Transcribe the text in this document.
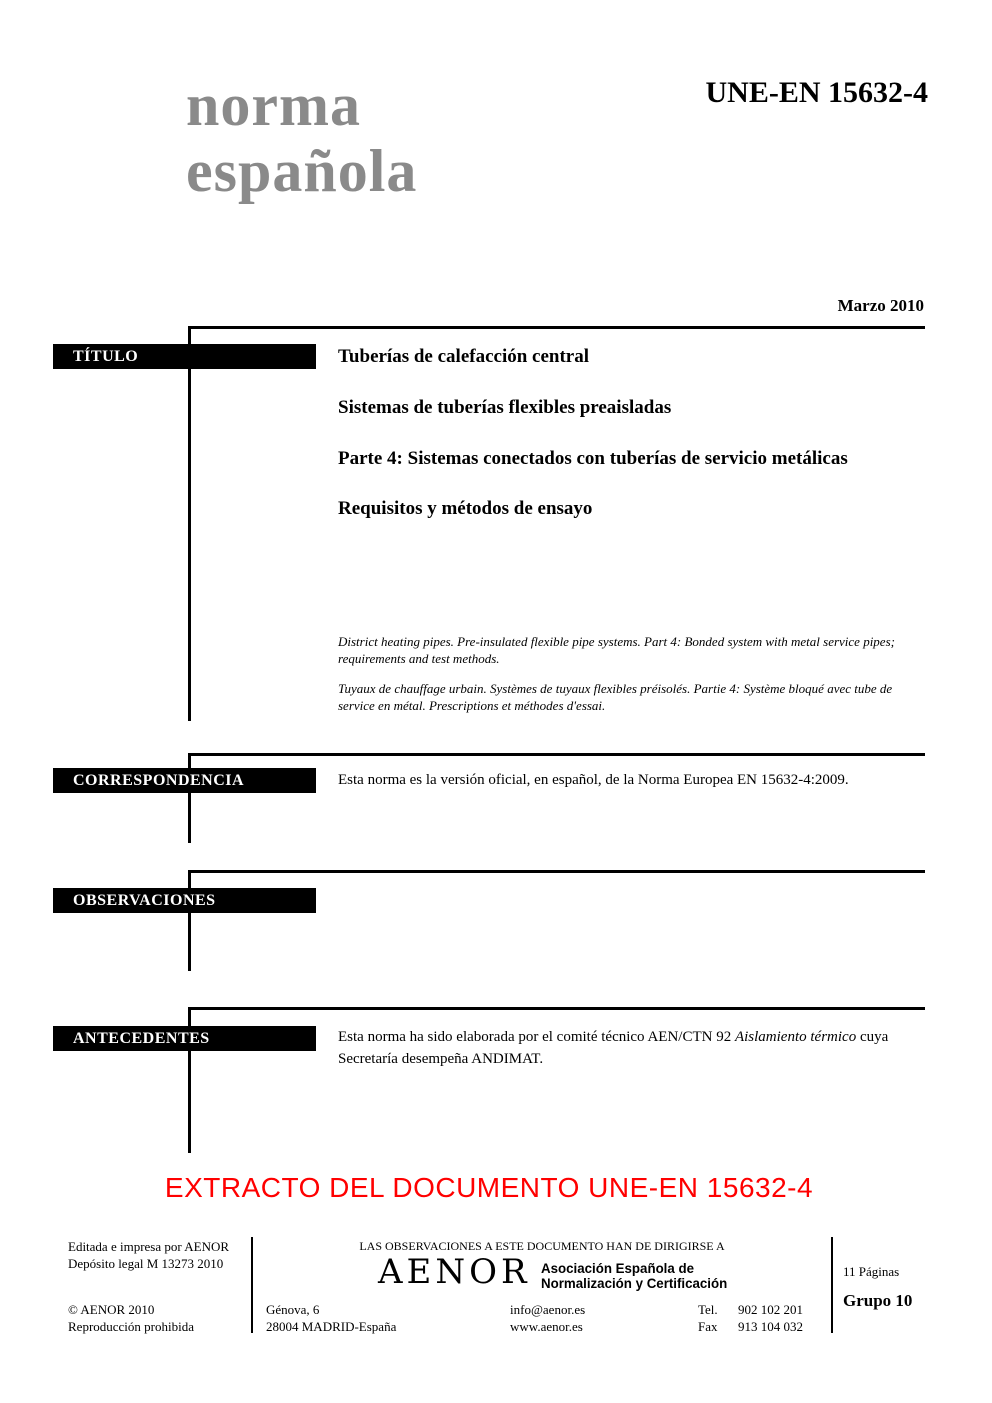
norma
española
UNE-EN 15632-4
Marzo 2010
TÍTULO
CORRESPONDENCIA
OBSERVACIONES
ANTECEDENTES
Tuberías de calefacción central
Sistemas de tuberías flexibles preaisladas
Parte 4: Sistemas conectados con tuberías de servicio metálicas
Requisitos y métodos de ensayo
District heating pipes. Pre-insulated flexible pipe systems. Part 4: Bonded system with metal service pipes; requirements and test methods.
Tuyaux de chauffage urbain. Systèmes de tuyaux flexibles préisolés. Partie 4: Système bloqué avec tube de service en métal. Prescriptions et méthodes d'essai.
Esta norma es la versión oficial, en español, de la Norma Europea EN 15632-4:2009.
Esta norma ha sido elaborada por el comité técnico AEN/CTN 92 Aislamiento térmico cuya Secretaría desempeña ANDIMAT.
EXTRACTO DEL DOCUMENTO UNE-EN 15632-4
Editada e impresa por AENOR
Depósito legal M 13273 2010
© AENOR 2010
Reproducción prohibida
LAS OBSERVACIONES A ESTE DOCUMENTO HAN DE DIRIGIRSE A
AENOR Asociación Española de
Normalización y Certificación
Génova, 6
28004 MADRID-España
info@aenor.es
www.aenor.es
Tel.	902 102 201
Fax	913 104 032
11 Páginas
Grupo 10
